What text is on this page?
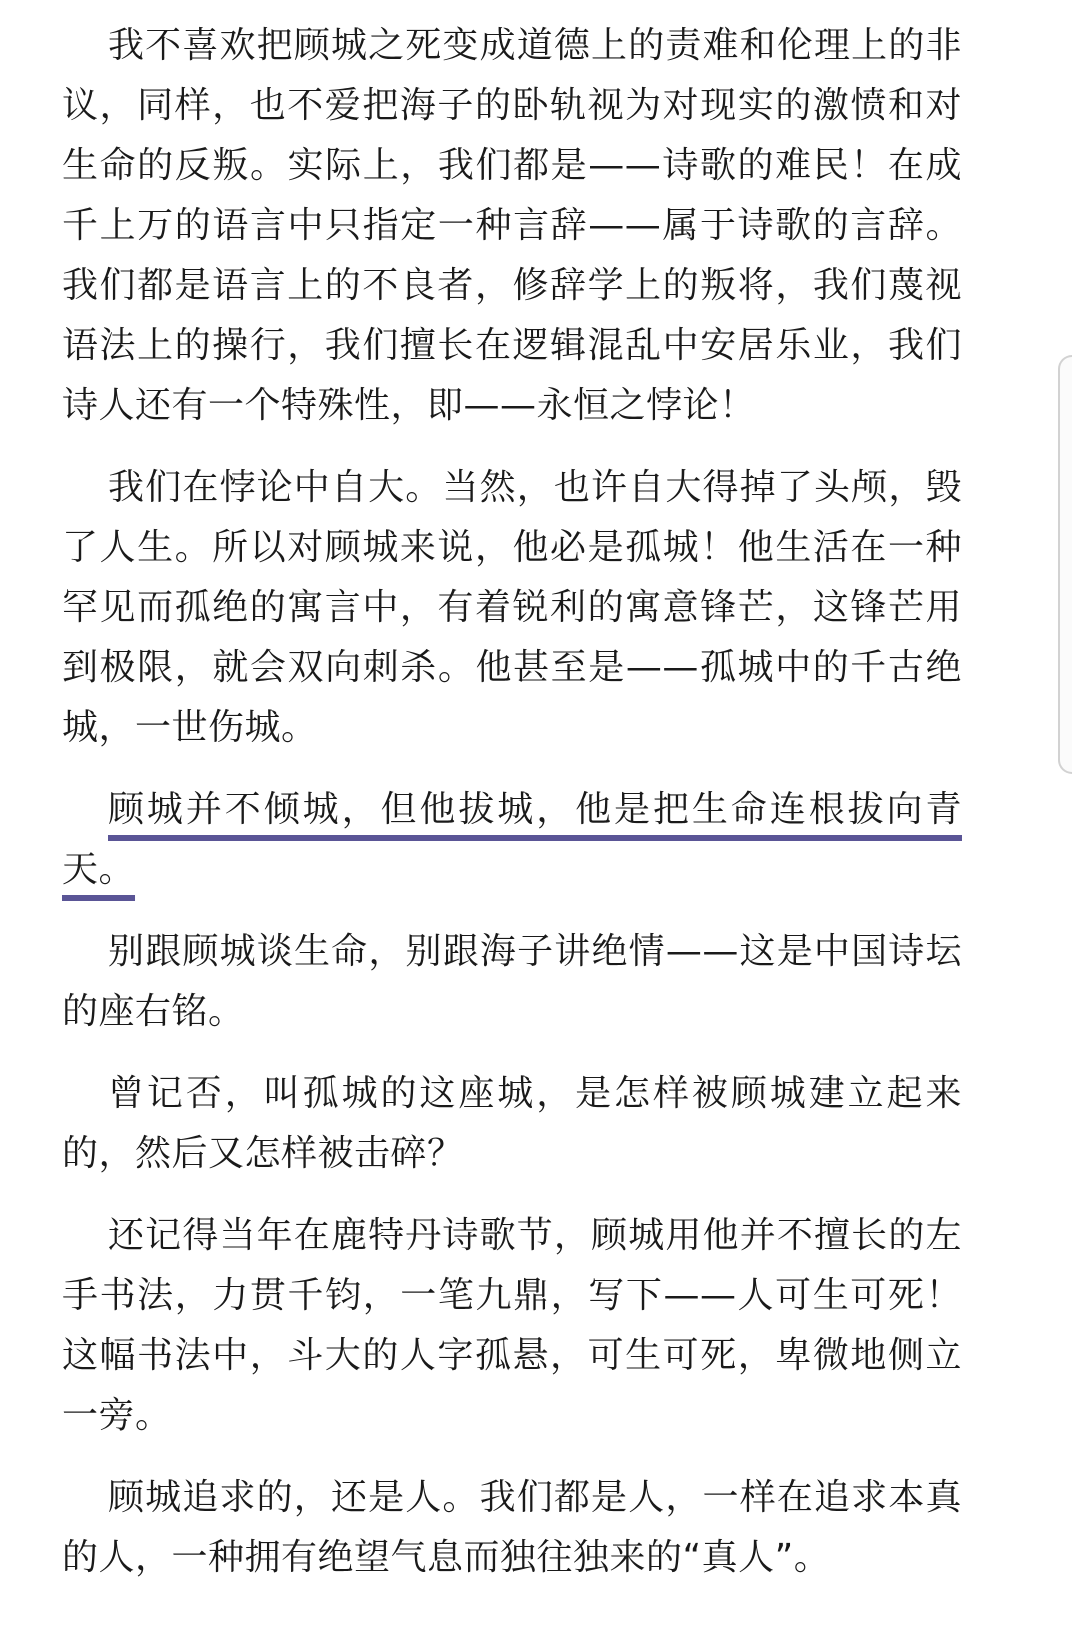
我不喜欢把顾城之死变成道德上的责难和伦理上的非议，同样，也不爱把海子的卧轨视为对现实的激愤和对生命的反叛。实际上，我们都是——诗歌的难民！在成千上万的语言中只指定一种言辞——属于诗歌的言辞。我们都是语言上的不良者，修辞学上的叛将，我们蔑视语法上的操行，我们擅长在逻辑混乱中安居乐业，我们诗人还有一个特殊性，即——永恒之悖论！

我们在悖论中自大。当然，也许自大得掉了头颅，毁了人生。所以对顾城来说，他必是孤城！他生活在一种罕见而孤绝的寓言中，有着锐利的寓意锋芒，这锋芒用到极限，就会双向刺杀。他甚至是——孤城中的千古绝城，一世伤城。

顾城并不倾城，但他拔城，他是把生命连根拔向青天。

别跟顾城谈生命，别跟海子讲绝情——这是中国诗坛的座右铭。

曾记否，叫孤城的这座城，是怎样被顾城建立起来的，然后又怎样被击碎？

还记得当年在鹿特丹诗歌节，顾城用他并不擅长的左手书法，力贯千钧，一笔九鼎，写下——人可生可死！这幅书法中，斗大的人字孤悬，可生可死，卑微地侧立一旁。

顾城追求的，还是人。我们都是人，一样在追求本真的人，一种拥有绝望气息而独往独来的“真人”。
